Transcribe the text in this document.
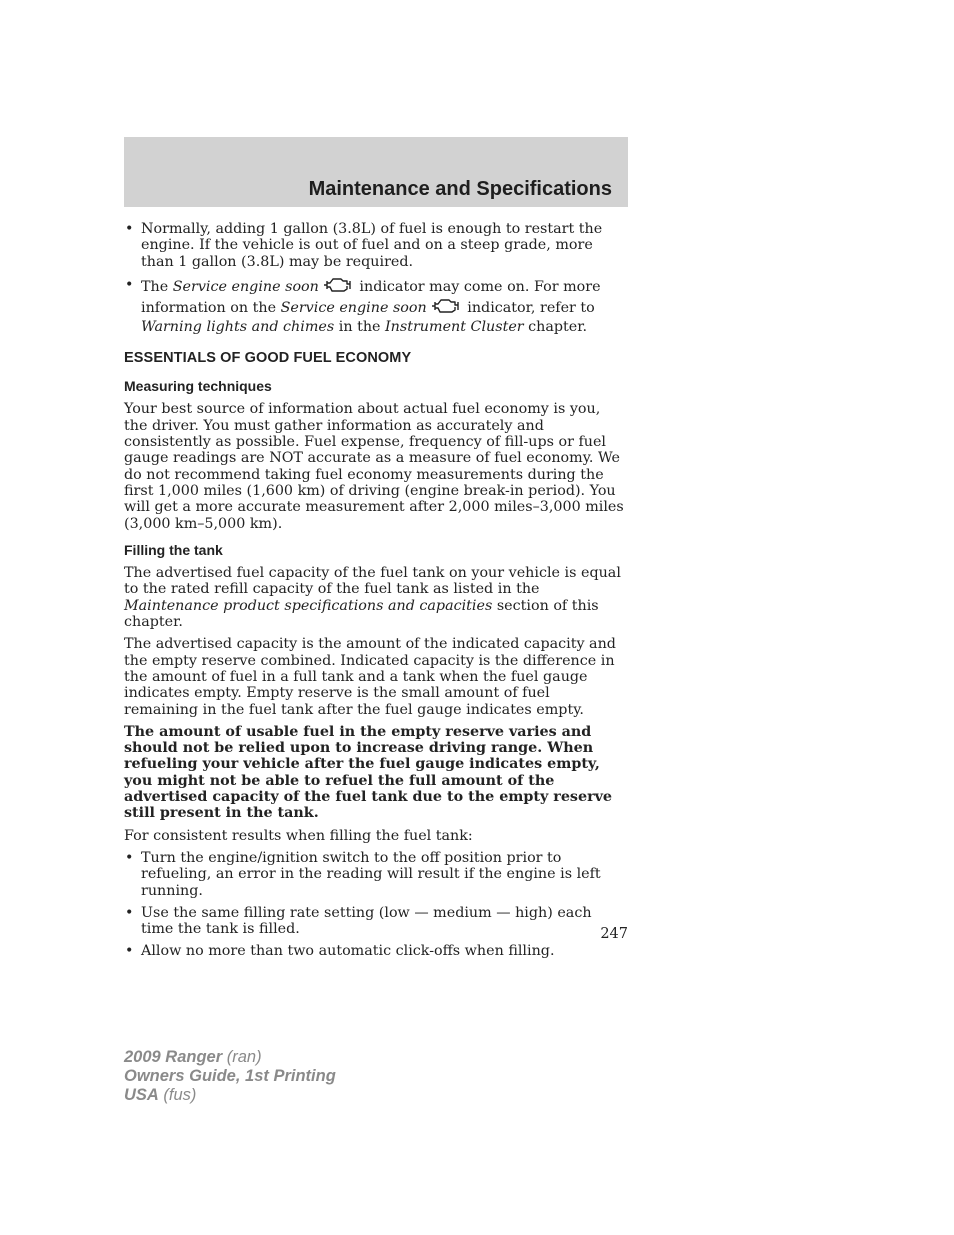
Maintenance and Specifications
• Normally, adding 1 gallon (3.8L) of fuel is enough to restart the engine. If the vehicle is out of fuel and on a steep grade, more than 1 gallon (3.8L) may be required.
• The Service engine soon	indicator may come on. For more information on the Service engine soon	indicator, refer to Warning lights and chimes in the Instrument Cluster chapter.
ESSENTIALS OF GOOD FUEL ECONOMY
Measuring techniques

Your best source of information about actual fuel economy is you, the driver. You must gather information as accurately and consistently as possible. Fuel expense, frequency of fill-ups or fuel gauge readings are NOT accurate as a measure of fuel economy. We do not recommend taking fuel economy measurements during the first 1,000 miles (1,600 km) of driving (engine break-in period). You will get a more accurate measurement after 2,000 miles–3,000 miles (3,000 km–5,000 km).

Filling the tank

The advertised fuel capacity of the fuel tank on your vehicle is equal to the rated refill capacity of the fuel tank as listed in the Maintenance product specifications and capacities section of this chapter.

The advertised capacity is the amount of the indicated capacity and the empty reserve combined. Indicated capacity is the difference in the amount of fuel in a full tank and a tank when the fuel gauge indicates empty. Empty reserve is the small amount of fuel remaining in the fuel tank after the fuel gauge indicates empty.

The amount of usable fuel in the empty reserve varies and should not be relied upon to increase driving range. When refueling your vehicle after the fuel gauge indicates empty, you might not be able to refuel the full amount of the advertised capacity of the fuel tank due to the empty reserve still present in the tank.

For consistent results when filling the fuel tank:

• Turn the engine/ignition switch to the off position prior to refueling, an error in the reading will result if the engine is left running.
• Use the same filling rate setting (low — medium — high) each time the tank is filled.
• Allow no more than two automatic click-offs when filling.
247
2009 Ranger (ran)
Owners Guide, 1st Printing
USA (fus)
